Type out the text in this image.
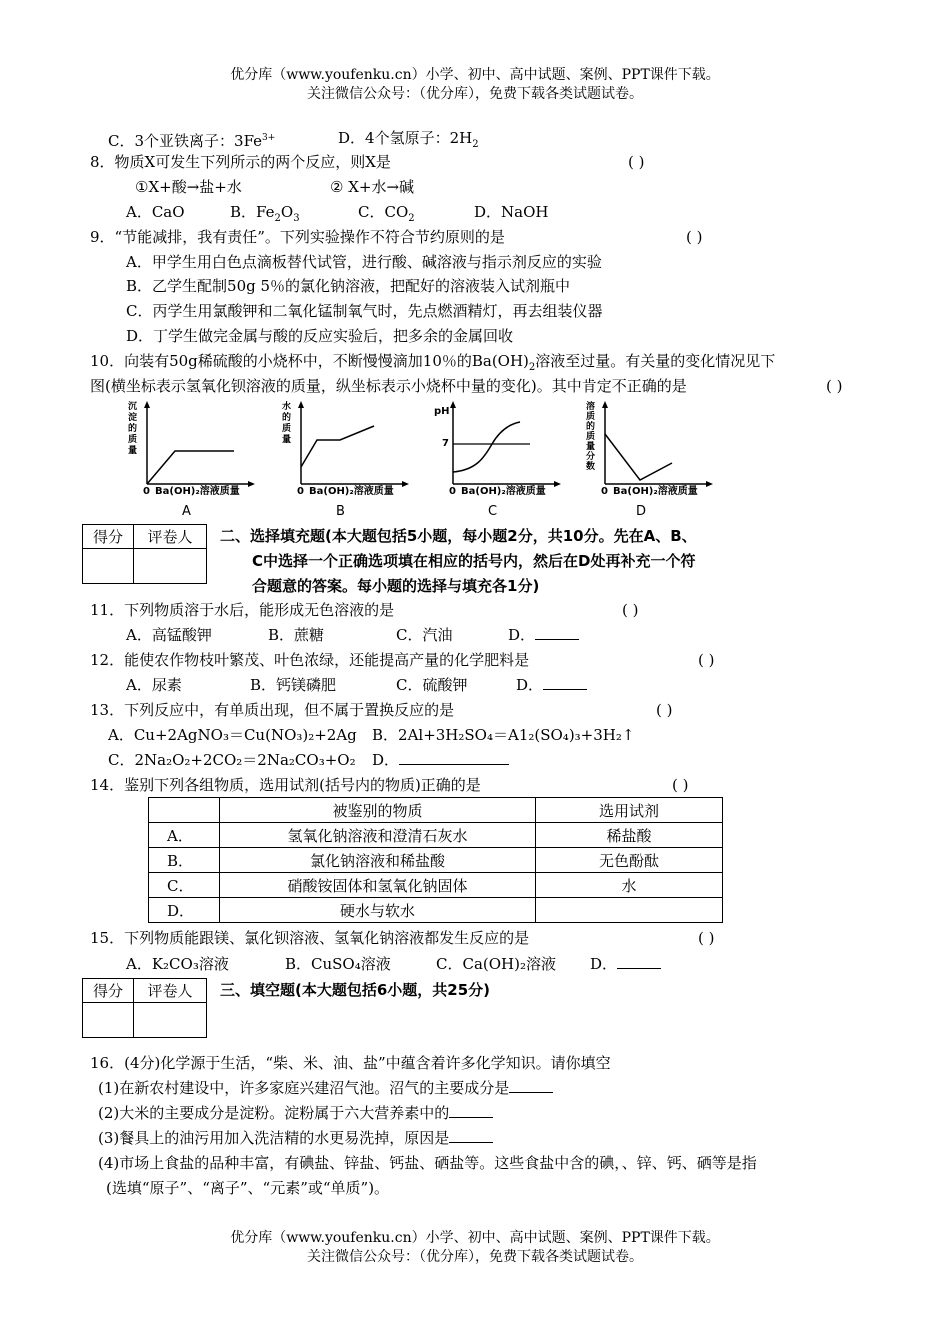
优分库（www.youfenku.cn）小学、初中、高中试题、案例、PPT课件下载。
关注微信公众号：（优分库），免费下载各类试题试卷。
C．3个亚铁离子：$3Fe^{3+}$	D．4个氢原子：$2H_2$
8．物质X可发生下列所示的两个反应，则X是	( )
①X+酸→盐+水	② X+水→碱
A．CaO	B．$Fe_2O_3$	C．$CO_2$	D．NaOH
9．“节能减排，我有责任”。下列实验操作不符合节约原则的是	( )
A．甲学生用白色点滴板替代试管，进行酸、碱溶液与指示剂反应的实验
B．乙学生配制50g 5％的氯化钠溶液，把配好的溶液装入试剂瓶中
C．丙学生用氯酸钾和二氧化锰制氧气时，先点燃酒精灯，再去组装仪器
D．丁学生做完金属与酸的反应实验后，把多余的金属回收
10．向装有50g稀硫酸的小烧杯中，不断慢慢滴加10％的$Ba(OH)_2$溶液至过量。有关量的变化情况见下
图(横坐标表示氢氧化钡溶液的质量，纵坐标表示小烧杯中量的变化)。其中肯定不正确的是	( )
沉
淀
的
质
量
0 Ba(OH)₂溶液质量
A
水
的
质
量
0 Ba(OH)₂溶液质量
B
pH
7
0 Ba(OH)₂溶液质量
C
溶
质
的
质
量
分
数
0 Ba(OH)₂溶液质量
D
得分	评卷人
	二、选择填充题(本大题包括5小题，每小题2分，共10分。先在A、B、
C中选择一个正确选项填在相应的括号内，然后在D处再补充一个符
合题意的答案。每小题的选择与填充各1分)
11．下列物质溶于水后，能形成无色溶液的是	( )
A．高锰酸钾	B．蔗糖	C．汽油	D．
12．能使农作物枝叶繁茂、叶色浓绿，还能提高产量的化学肥料是	( )
A．尿素	B．钙镁磷肥	C．硫酸钾	D．
13．下列反应中，有单质出现，但不属于置换反应的是	( )
A．Cu+2AgNO₃＝Cu(NO₃)₂+2Ag B．2Al+3H₂SO₄＝A1₂(SO₄)₃+3H₂↑
C．2Na₂O₂+2CO₂＝2Na₂CO₃+O₂ D．
14．鉴别下列各组物质，选用试剂(括号内的物质)正确的是	( )
	被鉴别的物质	选用试剂
A．	氢氧化钠溶液和澄清石灰水	稀盐酸
B．	氯化钠溶液和稀盐酸	无色酚酞
C．	硝酸铵固体和氢氧化钠固体	水
D．	硬水与软水	
15．下列物质能跟镁、氯化钡溶液、氢氧化钠溶液都发生反应的是	( )
A．K₂CO₃溶液	B．CuSO₄溶液	C．Ca(OH)₂溶液 D．
得分	评卷人
	三、填空题(本大题包括6小题，共25分)
16．(4分)化学源于生活，“柴、米、油、盐”中蕴含着许多化学知识。请你填空
(1)在新农村建设中，许多家庭兴建沼气池。沼气的主要成分是
(2)大米的主要成分是淀粉。淀粉属于六大营养素中的
(3)餐具上的油污用加入洗洁精的水更易洗掉，原因是
(4)市场上食盐的品种丰富，有碘盐、锌盐、钙盐、硒盐等。这些食盐中含的碘，、锌、钙、硒等是指
(选填“原子”、“离子”、“元素”或“单质”)。
优分库（www.youfenku.cn）小学、初中、高中试题、案例、PPT课件下载。
关注微信公众号：（优分库），免费下载各类试题试卷。
